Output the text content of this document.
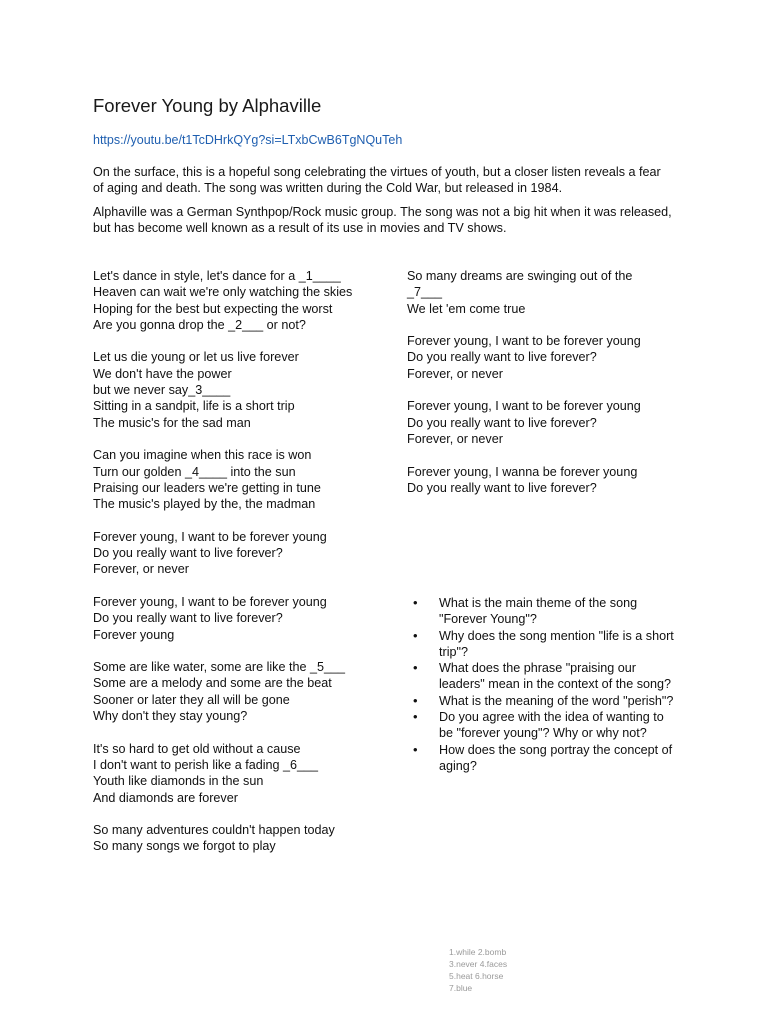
Forever Young by Alphaville
https://youtu.be/t1TcDHrkQYg?si=LTxbCwB6TgNQuTeh

On the surface, this is a hopeful song celebrating the virtues of youth, but a closer listen reveals a fear of aging and death. The song was written during the Cold War, but released in 1984.

Alphaville was a German Synthpop/Rock music group. The song was not a big hit when it was released, but has become well known as a result of its use in movies and TV shows.

Let's dance in style, let's dance for a _1____
Heaven can wait we're only watching the skies
Hoping for the best but expecting the worst
Are you gonna drop the _2___ or not?
Let us die young or let us live forever
We don't have the power
but we never say_3____
Sitting in a sandpit, life is a short trip
The music's for the sad man
Can you imagine when this race is won
Turn our golden _4____ into the sun
Praising our leaders we're getting in tune
The music's played by the, the madman
Forever young, I want to be forever young
Do you really want to live forever?
Forever, or never
Forever young, I want to be forever young
Do you really want to live forever?
Forever young
Some are like water, some are like the _5___
Some are a melody and some are the beat
Sooner or later they all will be gone
Why don't they stay young?
It's so hard to get old without a cause
I don't want to perish like a fading _6___
Youth like diamonds in the sun
And diamonds are forever
So many adventures couldn't happen today
So many songs we forgot to play
So many dreams are swinging out of the
_7___
We let 'em come true
Forever young, I want to be forever young
Do you really want to live forever?
Forever, or never
Forever young, I want to be forever young
Do you really want to live forever?
Forever, or never
Forever young, I wanna be forever young
Do you really want to live forever?
• What is the main theme of the song "Forever Young"?
• Why does the song mention "life is a short trip"?
• What does the phrase "praising our leaders" mean in the context of the song?
• What is the meaning of the word "perish"?
• Do you agree with the idea of wanting to be "forever young"? Why or why not?
• How does the song portray the concept of aging?
1.while 2.bomb
3.never 4.faces
5.heat 6.horse
7.blue
